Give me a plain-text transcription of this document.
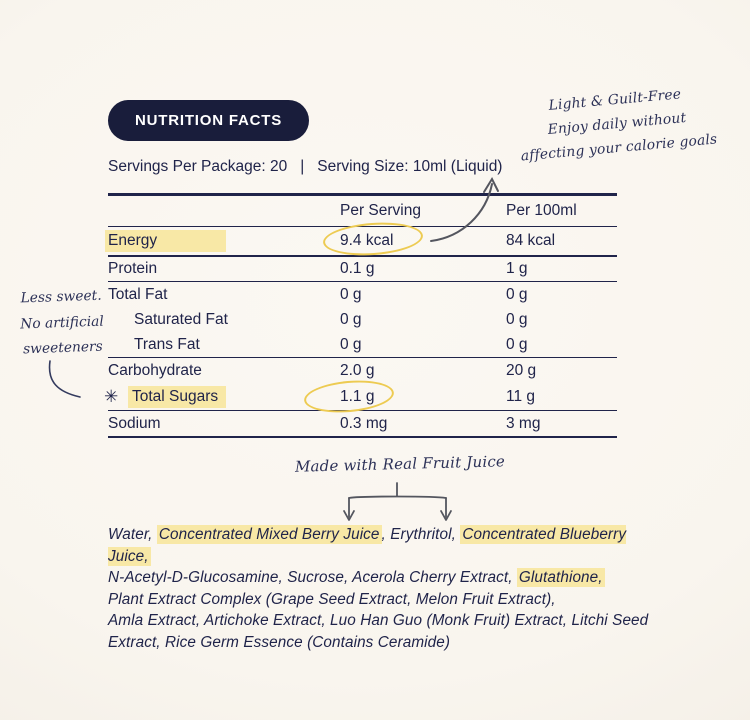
NUTRITION FACTS
Servings Per Package: 20 | Serving Size: 10ml (Liquid)
Light & Guilt-Free
Enjoy daily without
affecting your calorie goals
Less sweet.
No artificial
sweeteners
Per Serving	Per 100ml
Energy	9.4 kcal	84 kcal
Protein	0.1 g	1 g
Total Fat	0 g	0 g
Saturated Fat	0 g	0 g
Trans Fat	0 g	0 g
Carbohydrate	2.0 g	20 g
✳ Total Sugars	1.1 g	11 g
Sodium	0.3 mg	3 mg
Made with Real Fruit Juice

Water, Concentrated Mixed Berry Juice , Erythritol, Concentrated Blueberry Juice,
N-Acetyl-D-Glucosamine, Sucrose, Acerola Cherry Extract, Glutathione,
Plant Extract Complex (Grape Seed Extract, Melon Fruit Extract),
Amla Extract, Artichoke Extract, Luo Han Guo (Monk Fruit) Extract, Litchi Seed
Extract, Rice Germ Essence (Contains Ceramide)
